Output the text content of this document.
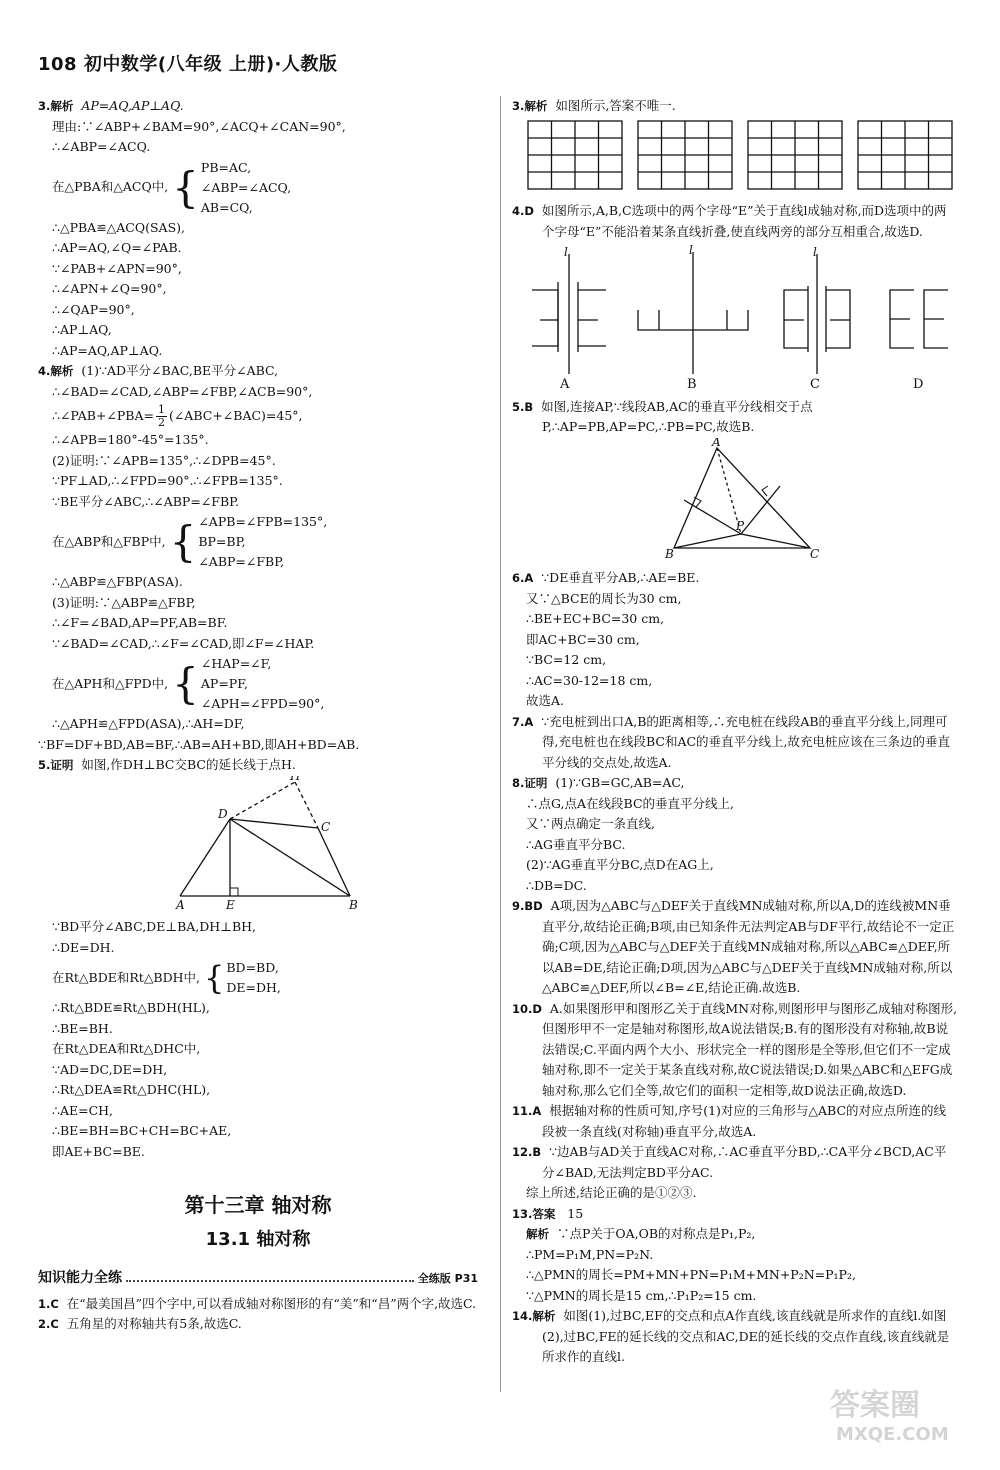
108 初中数学(八年级 上册)·人教版
3.解析 AP=AQ,AP⊥AQ.
理由:∵∠ABP+∠BAM=90°,∠ACQ+∠CAN=90°,
∴∠ABP=∠ACQ.
在△PBA和△ACQ中, { PB=AC,
∠ABP=∠ACQ,
AB=CQ,
∴△PBA≌△ACQ(SAS),
∴AP=AQ,∠Q=∠PAB.
∵∠PAB+∠APN=90°,
∴∠APN+∠Q=90°,
∴∠QAP=90°,
∴AP⊥AQ,
∴AP=AQ,AP⊥AQ.
4.解析 (1)∵AD平分∠BAC,BE平分∠ABC,
∴∠BAD=∠CAD,∠ABP=∠FBP,∠ACB=90°,
∴∠PAB+∠PBA= $\frac{1}{2}$ (∠ABC+∠BAC)=45°,
∴∠APB=180°-45°=135°.
(2)证明:∵∠APB=135°,∴∠DPB=45°.
∵PF⊥AD,∴∠FPD=90°.∴∠FPB=135°.
∵BE平分∠ABC,∴∠ABP=∠FBP.
在△ABP和△FBP中, { ∠APB=∠FPB=135°,
BP=BP,
∠ABP=∠FBP,
∴△ABP≌△FBP(ASA).
(3)证明:∵△ABP≌△FBP,
∴∠F=∠BAD,AP=PF,AB=BF.
∵∠BAD=∠CAD,∴∠F=∠CAD,即∠F=∠HAP.
在△APH和△FPD中, { ∠HAP=∠F,
AP=PF,
∠APH=∠FPD=90°,
∴△APH≌△FPD(ASA),∴AH=DF,
∵BF=DF+BD,AB=BF,∴AB=AH+BD,即AH+BD=AB.
5.证明 如图,作DH⊥BC交BC的延长线于点H.
H
D
C
A	E	B
∵BD平分∠ABC,DE⊥BA,DH⊥BH,
∴DE=DH.
在Rt△BDE和Rt△BDH中, { BD=BD,
DE=DH,
∴Rt△BDE≌Rt△BDH(HL),
∴BE=BH.
在Rt△DEA和Rt△DHC中,
∵AD=DC,DE=DH,
∴Rt△DEA≌Rt△DHC(HL),
∴AE=CH,
∴BE=BH=BC+CH=BC+AE,
即AE+BC=BE.
第十三章 轴对称
13.1 轴对称
知识能力全练	全练版 P31
1.C 在“最美国昌”四个字中,可以看成轴对称图形的有“美”和“昌”两个字,故选C.
2.C 五角星的对称轴共有5条,故选C.
3.解析 如图所示,答案不唯一.
4.D 如图所示,A,B,C选项中的两个字母“E”关于直线l成轴对称,而D选项中的两个字母“E”不能沿着某条直线折叠,使直线两旁的部分互相重合,故选D.
l	l	l
A	B	C	D
5.B 如图,连接AP,∵线段AB,AC的垂直平分线相交于点P,∴AP=PB,AP=PC,∴PB=PC,故选B.
A
P
B	C
6.A ∵DE垂直平分AB,∴AE=BE.
又∵△BCE的周长为30 cm,
∴BE+EC+BC=30 cm,
即AC+BC=30 cm,
∵BC=12 cm,
∴AC=30-12=18 cm,
故选A.
7.A ∵充电桩到出口A,B的距离相等,∴充电桩在线段AB的垂直平分线上,同理可得,充电桩也在线段BC和AC的垂直平分线上,故充电桩应该在三条边的垂直平分线的交点处,故选A.
8.证明 (1)∵GB=GC,AB=AC,
∴点G,点A在线段BC的垂直平分线上,
又∵两点确定一条直线,
∴AG垂直平分BC.
(2)∵AG垂直平分BC,点D在AG上,
∴DB=DC.
9.BD A项,因为△ABC与△DEF关于直线MN成轴对称,所以A,D的连线被MN垂直平分,故结论正确;B项,由已知条件无法判定AB与DF平行,故结论不一定正确;C项,因为△ABC与△DEF关于直线MN成轴对称,所以△ABC≌△DEF,所以AB=DE,结论正确;D项,因为△ABC与△DEF关于直线MN成轴对称,所以△ABC≌△DEF,所以∠B=∠E,结论正确.故选B.
10.D A.如果图形甲和图形乙关于直线MN对称,则图形甲与图形乙成轴对称图形,但图形甲不一定是轴对称图形,故A说法错误;B.有的图形没有对称轴,故B说法错误;C.平面内两个大小、形状完全一样的图形是全等形,但它们不一定成轴对称,即不一定关于某条直线对称,故C说法错误;D.如果△ABC和△EFG成轴对称,那么它们全等,故它们的面积一定相等,故D说法正确,故选D.
11.A 根据轴对称的性质可知,序号(1)对应的三角形与△ABC的对应点所连的线段被一条直线(对称轴)垂直平分,故选A.
12.B ∵边AB与AD关于直线AC对称,∴AC垂直平分BD,∴CA平分∠BCD,AC平分∠BAD,无法判定BD平分AC.
综上所述,结论正确的是①②③.
13.答案 15
解析 ∵点P关于OA,OB的对称点是P₁,P₂,
∴PM=P₁M,PN=P₂N.
∴△PMN的周长=PM+MN+PN=P₁M+MN+P₂N=P₁P₂,
∵△PMN的周长是15 cm,∴P₁P₂=15 cm.
14.解析 如图(1),过BC,EF的交点和点A作直线,该直线就是所求作的直线l.如图(2),过BC,FE的延长线的交点和AC,DE的延长线的交点作直线,该直线就是所求作的直线l.
答案圈
MXQE.COM
